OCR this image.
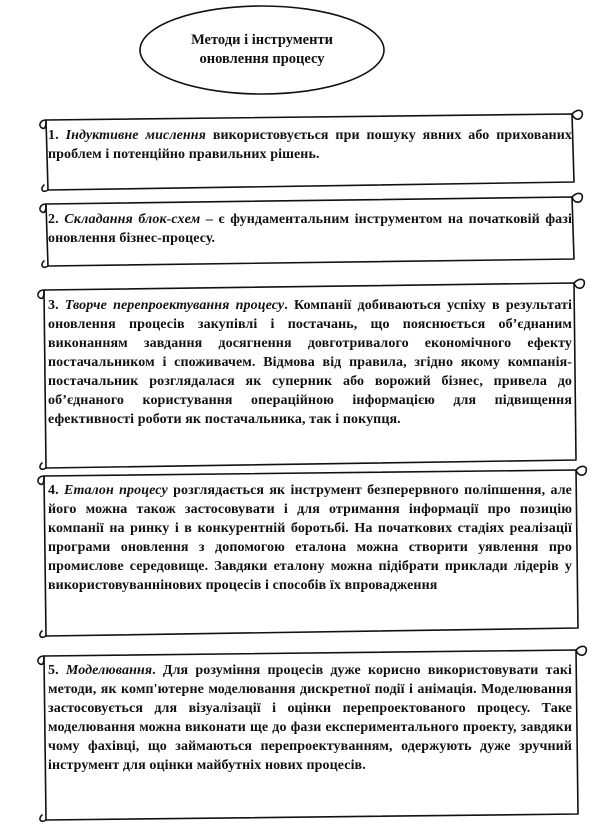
Методи і інструменти
оновлення процесу
1. Індуктивне мислення використовується при пошуку явних або прихованих проблем і потенційно правильних рішень.
2. Складання блок-схем – є фундаментальним інструментом на початковій фазі оновлення бізнес-процесу.
3. Творче перепроектування процесу. Компанії добиваються успіху в результаті оновлення процесів закупівлі і постачань, що пояснюється об’єднаним виконанням завдання досягнення довготривалого економічного ефекту постачальником і споживачем. Відмова від правила, згідно якому компанія-постачальник розглядалася як суперник або ворожий бізнес, привела до об’єднаного користування операційною інформацією для підвищення ефективності роботи як постачальника, так і покупця.
4. Еталон процесу розглядається як інструмент безперервного поліпшення, але його можна також застосовувати і для отримання інформації про позицію компанії на ринку і в конкурентній боротьбі. На початкових стадіях реалізації програми оновлення з допомогою еталона можна створити уявлення про промислове середовище. Завдяки еталону можна підібрати приклади лідерів у використовуваннінових процесів і способів їх впровадження
5. Моделювання. Для розуміння процесів дуже корисно використовувати такі методи, як комп'ютерне моделювання дискретної події і анімація. Моделювання застосовується для візуалізації і оцінки перепроектованого процесу. Таке моделювання можна виконати ще до фази експериментального проекту, завдяки чому фахівці, що займаються перепроектуванням, одержують дуже зручний інструмент для оцінки майбутніх нових процесів.
